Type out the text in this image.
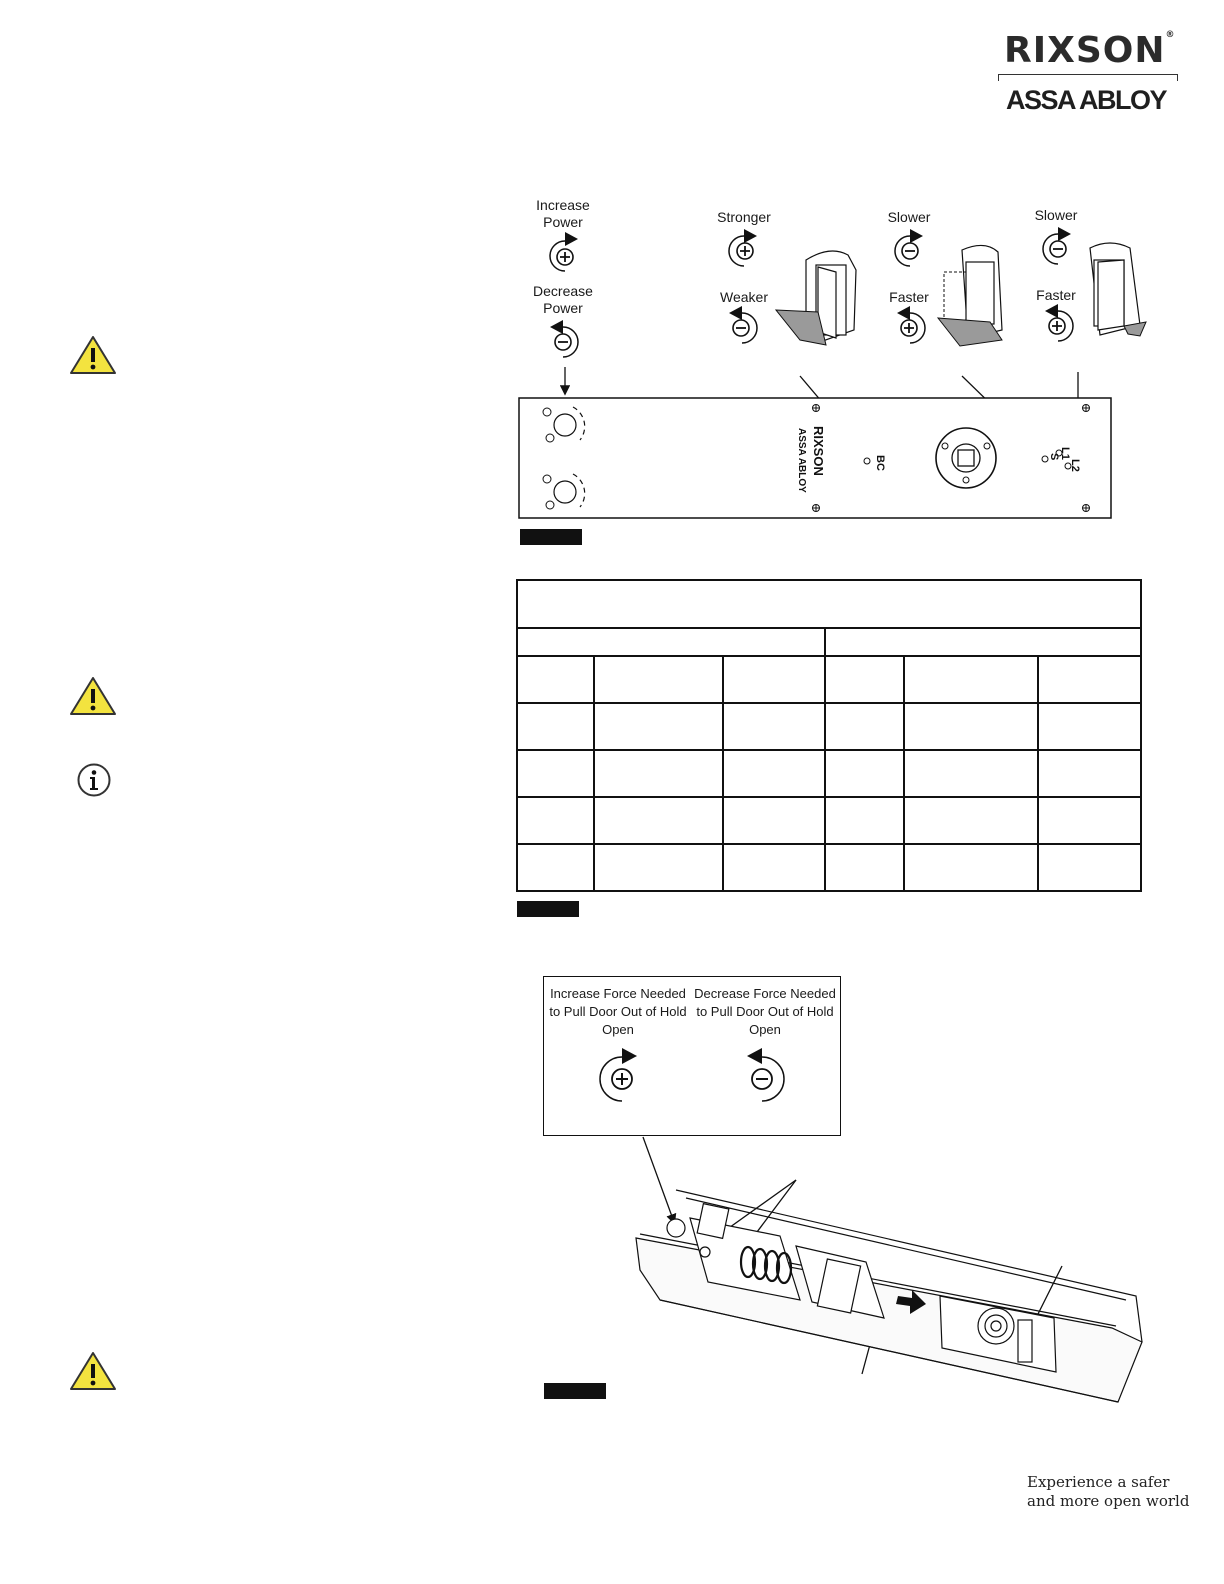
RIXSON®
ASSA ABLOY
Increase Power
Decrease Power
Stronger
Weaker
Slower
Faster
Slower
Faster
RIXSON
ASSA ABLOY	BC
L1
L2
S

Increase Force Needed to Pull Door Out of Hold Open
Decrease Force Needed to Pull Door Out of Hold Open
Experience a safer
and more open world
